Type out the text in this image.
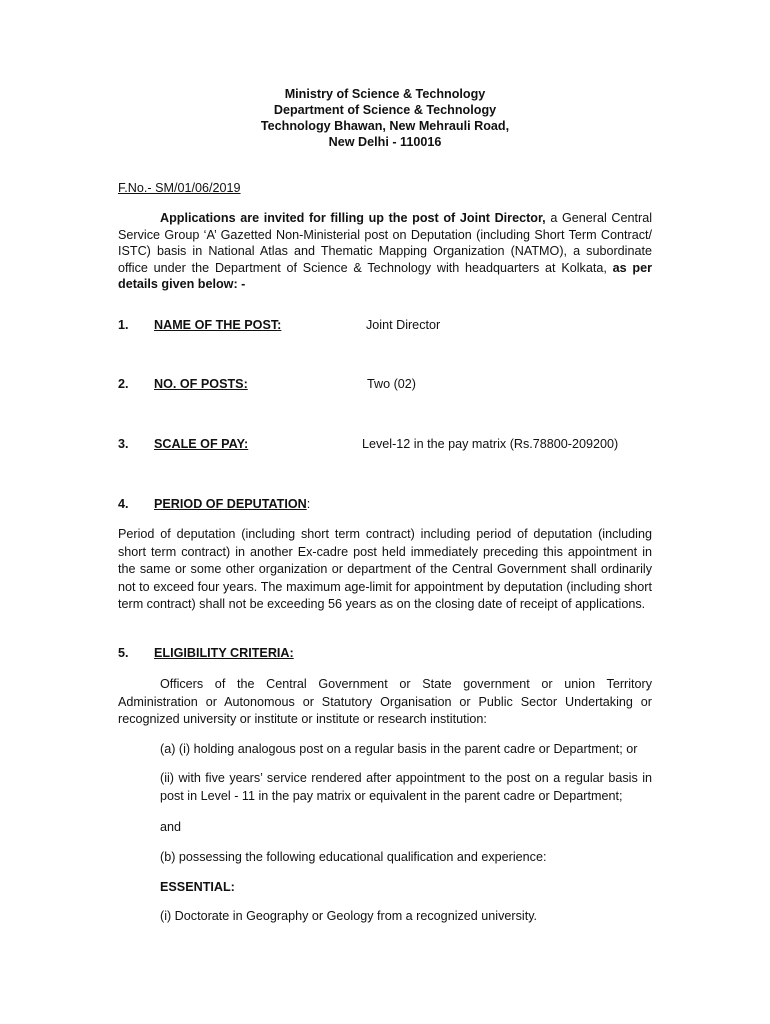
Ministry of Science & Technology
Department of Science & Technology
Technology Bhawan, New Mehrauli Road,
New Delhi - 110016
F.No.- SM/01/06/2019
Applications are invited for filling up the post of Joint Director, a General Central Service Group ‘A’ Gazetted Non-Ministerial post on Deputation (including Short Term Contract/ ISTC) basis in National Atlas and Thematic Mapping Organization (NATMO), a subordinate office under the Department of Science & Technology with headquarters at Kolkata, as per details given below: -
1. NAME OF THE POST:	Joint Director
2. NO. OF POSTS:	Two (02)
3. SCALE OF PAY:	Level-12 in the pay matrix (Rs.78800-209200)
4. PERIOD OF DEPUTATION:
Period of deputation (including short term contract) including period of deputation (including short term contract) in another Ex-cadre post held immediately preceding this appointment in the same or some other organization or department of the Central Government shall ordinarily not to exceed four years. The maximum age-limit for appointment by deputation (including short term contract) shall not be exceeding 56 years as on the closing date of receipt of applications.
5. ELIGIBILITY CRITERIA:
Officers of the Central Government or State government or union Territory Administration or Autonomous or Statutory Organisation or Public Sector Undertaking or recognized university or institute or institute or research institution:
(a) (i) holding analogous post on a regular basis in the parent cadre or Department; or
(ii) with five years’ service rendered after appointment to the post on a regular basis in post in Level - 11 in the pay matrix or equivalent in the parent cadre or Department;
and
(b) possessing the following educational qualification and experience:
ESSENTIAL:
(i) Doctorate in Geography or Geology from a recognized university.
